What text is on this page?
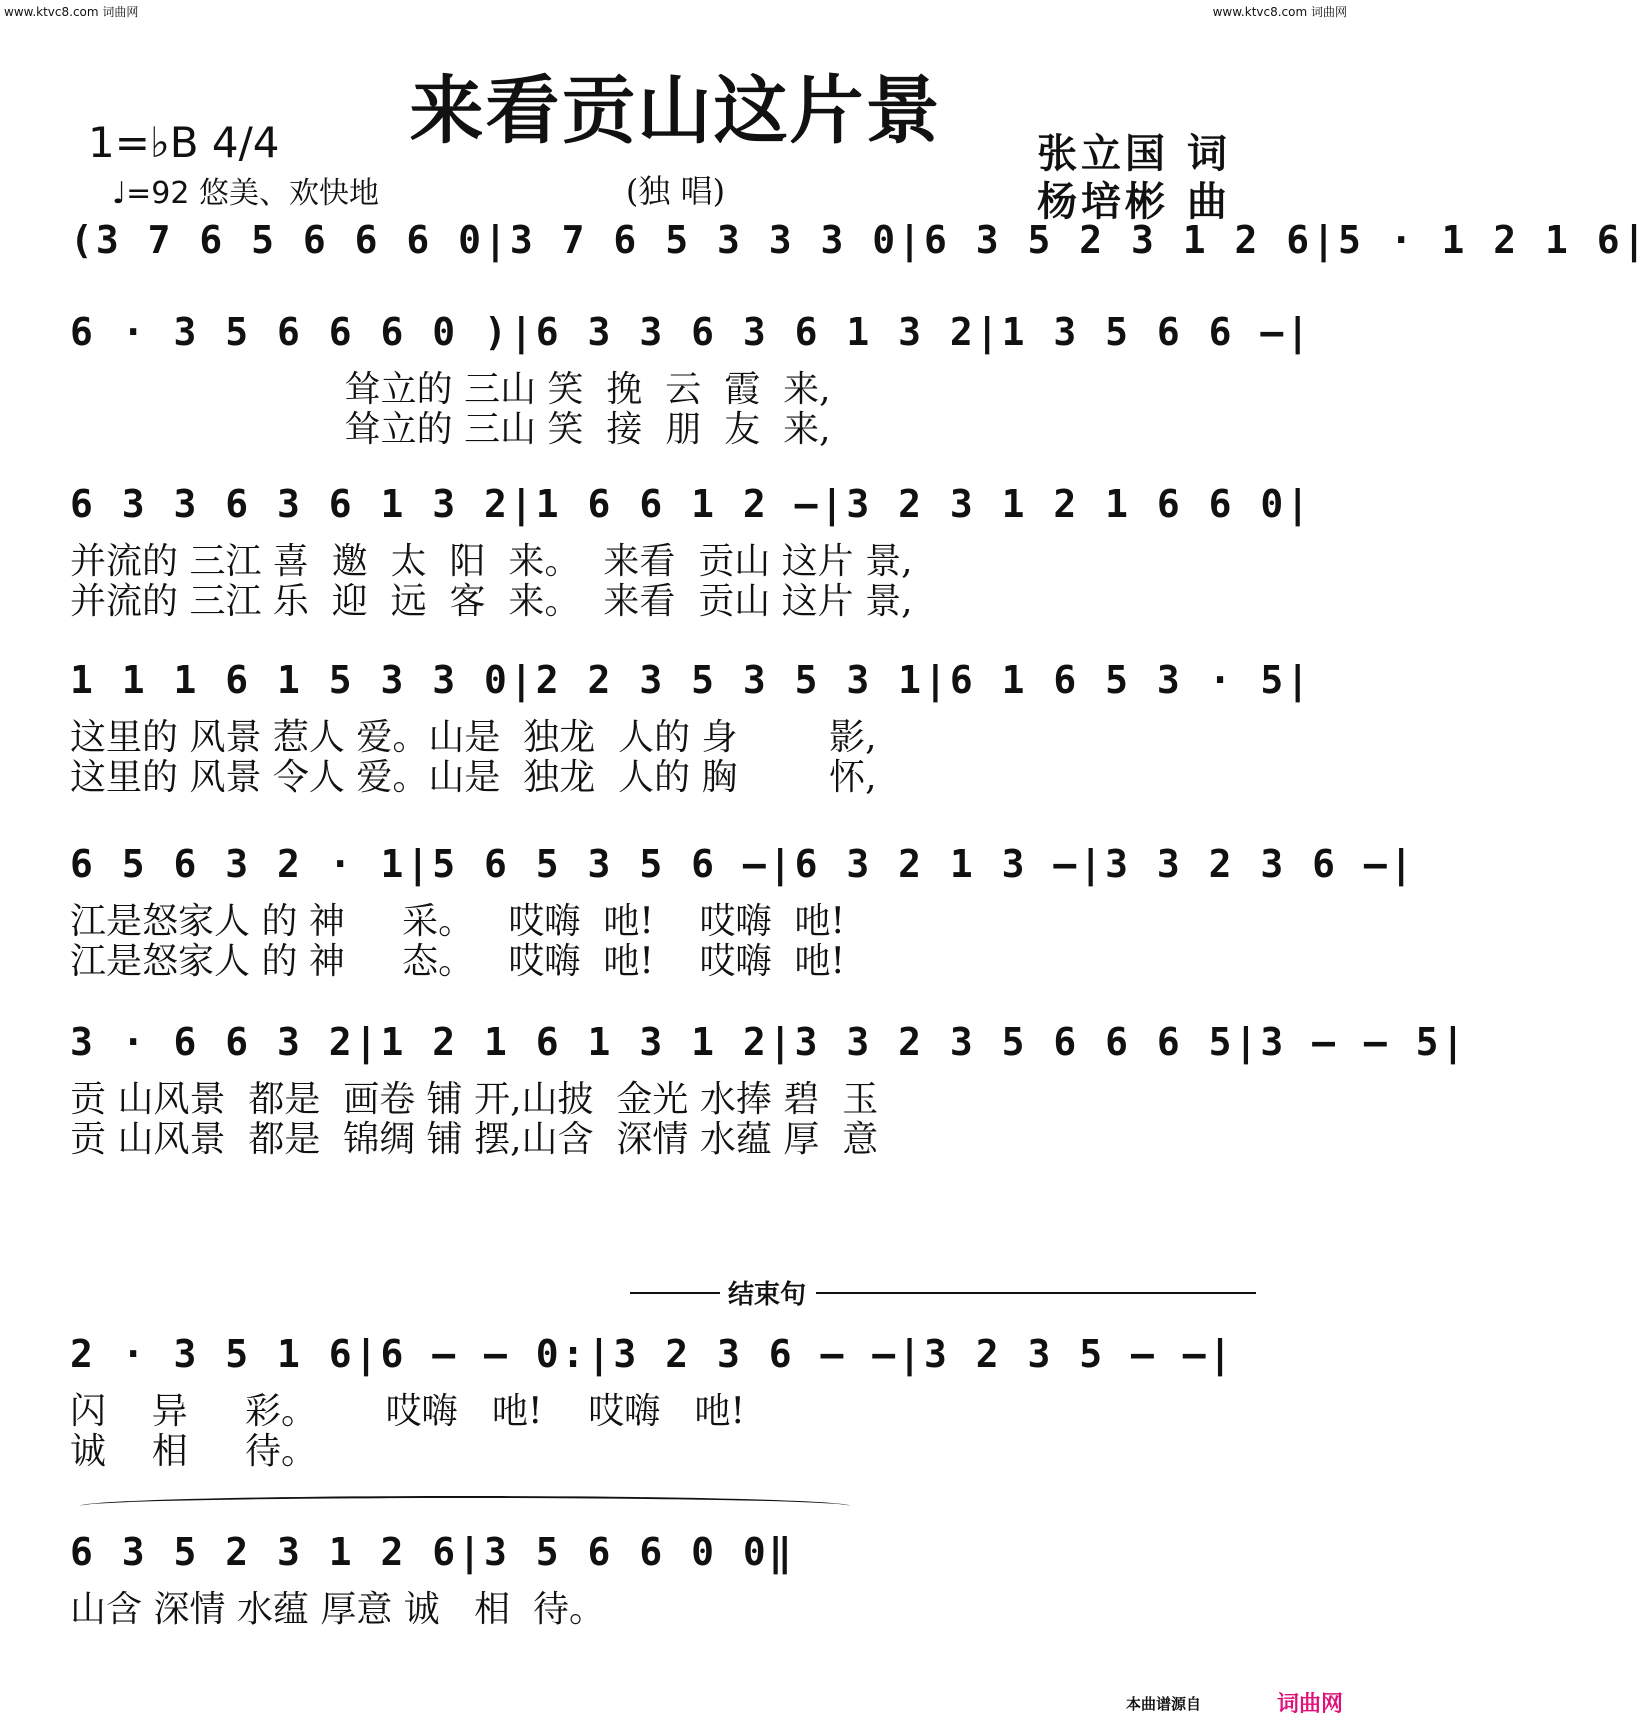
www.ktvc8.com 词曲网	www.ktvc8.com 词曲网
来看贡山这片景
(独 唱)
1=♭B 4/4
♩=92 悠美、欢快地
张立国 词
杨培彬 曲
(3 7 6 5 6 6 6 0|3 7 6 5 3 3 3 0|6 3 5 2 3 1 2 6|5 · 1 2 1 6|
6 · 3 5 6 6 6 0 )|6 3 3 6 3 6 1 3 2|1 3 5 6 6 —|
耸立的 三山 笑  挽  云  霞  来,
耸立的 三山 笑  接  朋  友  来,
6 3 3 6 3 6 1 3 2|1 6 6 1 2 —|3 2 3 1 2 1 6 6 0|
并流的 三江 喜  邀  太  阳  来。  来看  贡山 这片 景,
并流的 三江 乐  迎  远  客  来。  来看  贡山 这片 景,
1 1 1 6 1 5 3 3 0|2 2 3 5 3 5 3 1|6 1 6 5 3 · 5|
这里的 风景 惹人 爱。山是  独龙  人的 身        影,
这里的 风景 令人 爱。山是  独龙  人的 胸        怀,
6 5 6 3 2 · 1|5 6 5 3 5 6 —|6 3 2 1 3 —|3 3 2 3 6 —|
江是怒家人 的 神     采。   哎嗨  吔!    哎嗨  吔!
江是怒家人 的 神     态。   哎嗨  吔!    哎嗨  吔!
3 · 6 6 3 2|1 2 1 6 1 3 1 2|3 3 2 3 5 6 6 6 5|3 — — 5|
贡 山风景  都是  画卷 铺 开,山披  金光 水捧 碧  玉
贡 山风景  都是  锦绸 铺 摆,山含  深情 水蕴 厚  意
结束句
2 · 3 5 1 6|6 — — 0:|3 2 3 6 — —|3 2 3 5 — —|
闪    异     彩。      哎嗨   吔!    哎嗨   吔!
诚    相     待。
6 3 5 2 3 1 2 6|3 5 6 6 0 0‖
山含 深情 水蕴 厚意 诚   相  待。
本曲谱源自	词曲网
